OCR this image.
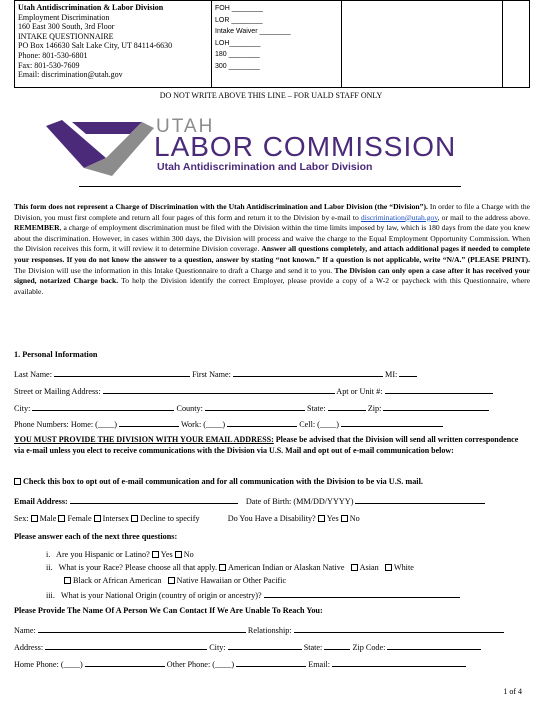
Utah Antidiscrimination & Labor Division
Employment Discrimination
160 East 300 South, 3rd Floor
INTAKE QUESTIONNAIRE
PO Box 146630 Salt Lake City, UT 84114-6630
Phone: 801-530-6801
Fax: 801-530-7609
Email: discrimination@utah.gov
FOH ________
LOR ________
Intake Waiver ________
LOH________
180 ________
300 ________
DO NOT WRITE ABOVE THIS LINE – FOR UALD STAFF ONLY
UTAH
LABOR COMMISSION
Utah Antidiscrimination and Labor Division
This form does not represent a Charge of Discrimination with the Utah Antidiscrimination and Labor Division (the “Division”). In order to file a Charge with the Division, you must first complete and return all four pages of this form and return it to the Division by e-mail to discrimination@utah.gov, or mail to the address above. REMEMBER, a charge of employment discrimination must be filed with the Division within the time limits imposed by law, which is 180 days from the date you knew about the discrimination. However, in cases within 300 days, the Division will process and waive the charge to the Equal Employment Opportunity Commission. When the Division receives this form, it will review it to determine Division coverage. Answer all questions completely, and attach additional pages if needed to complete your responses. If you do not know the answer to a question, answer by stating “not known.” If a question is not applicable, write “N/A.” (PLEASE PRINT). The Division will use the information in this Intake Questionnaire to draft a Charge and send it to you. The Division can only open a case after it has received your signed, notarized Charge back. To help the Division identify the correct Employer, please provide a copy of a W-2 or paycheck with this Questionnaire, where available.
1. Personal Information
Last Name:	First Name:	MI:
Street or Mailing Address:	Apt or Unit #:
City:	County:	State:	Zip:
Phone Numbers: Home: (____)	Work: (____)	Cell: (____)
YOU MUST PROVIDE THE DIVISION WITH YOUR EMAIL ADDRESS: Please be advised that the Division will send all written correspondence via e-mail unless you elect to receive communications with the Division via U.S. Mail and opt out of e-mail communication below:
Check this box to opt out of e-mail communication and for all communication with the Division to be via U.S. mail.
Email Address:	Date of Birth: (MM/DD/YYYY)
Sex: Male Female Intersex Decline to specify	Do You Have a Disability? Yes No
Please answer each of the next three questions:
i. Are you Hispanic or Latino? Yes No
ii. What is your Race? Please choose all that apply. American Indian or Alaskan Native Asian White
Black or African American Native Hawaiian or Other Pacific
iii. What is your National Origin (country of origin or ancestry)?
Please Provide The Name Of A Person We Can Contact If We Are Unable To Reach You:
Name:	Relationship:
Address:	City:	State:	Zip Code:
Home Phone: (____)	Other Phone: (____)	Email:
1 of 4
